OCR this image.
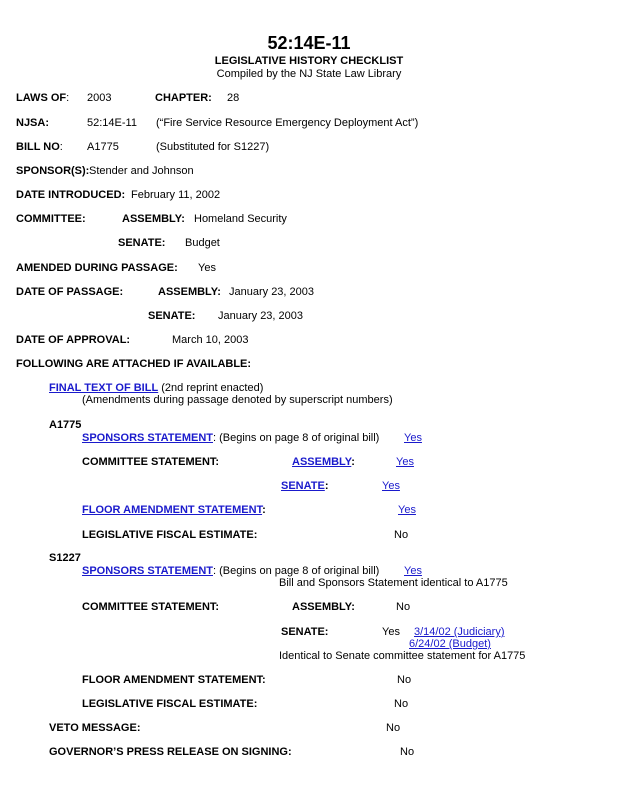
52:14E-11
LEGISLATIVE HISTORY CHECKLIST
Compiled by the NJ State Law Library
LAWS OF: 2003	CHAPTER: 28
NJSA:	52:14E-11 (“Fire Service Resource Emergency Deployment Act”)
BILL NO: A1775	(Substituted for S1227)
SPONSOR(S): Stender and Johnson
DATE INTRODUCED: February 11, 2002
COMMITTEE:	ASSEMBLY: Homeland Security
SENATE: Budget
AMENDED DURING PASSAGE: Yes
DATE OF PASSAGE:	ASSEMBLY: January 23, 2003
SENATE: January 23, 2003
DATE OF APPROVAL:	March 10, 2003
FOLLOWING ARE ATTACHED IF AVAILABLE:
FINAL TEXT OF BILL (2nd reprint enacted)
(Amendments during passage denoted by superscript numbers)
A1775
SPONSORS STATEMENT: (Begins on page 8 of original bill) Yes
COMMITTEE STATEMENT:	ASSEMBLY:	Yes
SENATE:	Yes
FLOOR AMENDMENT STATEMENT:	Yes
LEGISLATIVE FISCAL ESTIMATE:	No
S1227
SPONSORS STATEMENT: (Begins on page 8 of original bill) Yes
Bill and Sponsors Statement identical to A1775
COMMITTEE STATEMENT:	ASSEMBLY:	No
SENATE:	Yes 3/14/02 (Judiciary)
6/24/02 (Budget)
Identical to Senate committee statement for A1775
FLOOR AMENDMENT STATEMENT:	No
LEGISLATIVE FISCAL ESTIMATE:	No
VETO MESSAGE:	No
GOVERNOR’S PRESS RELEASE ON SIGNING:	No
